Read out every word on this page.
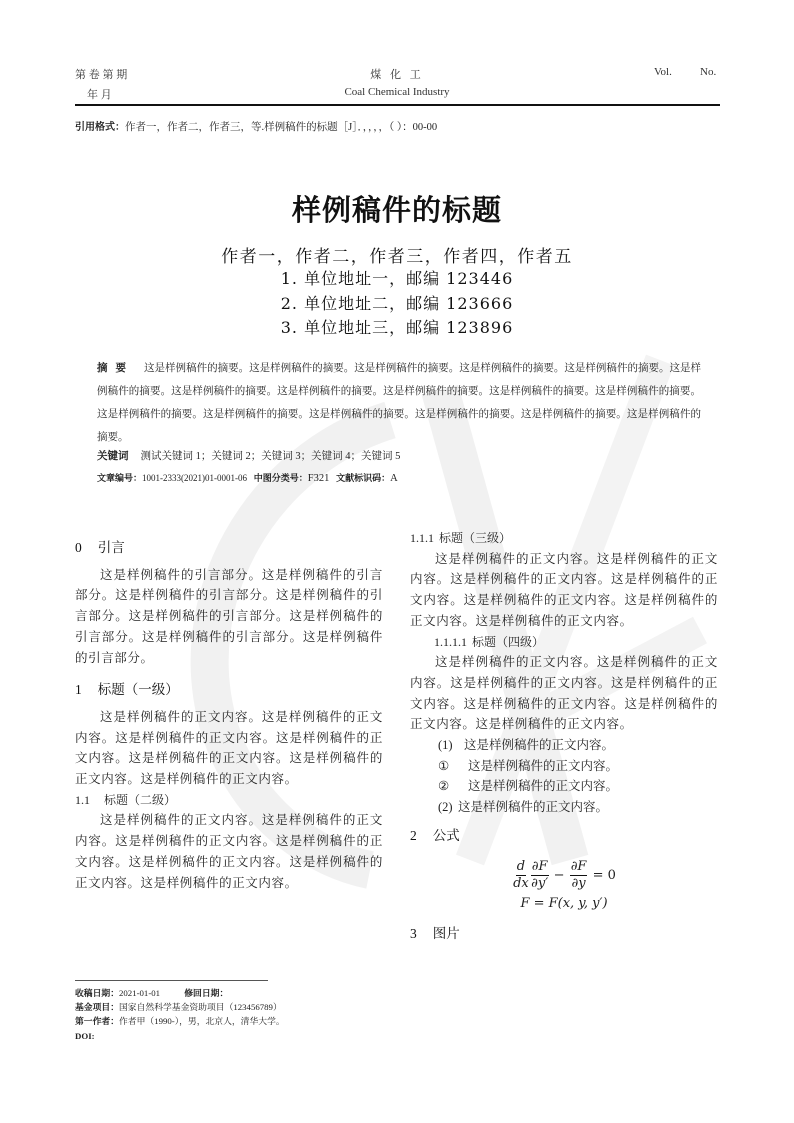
第 卷 第 期
年 月
煤 化 工
Coal Chemical Industry
Vol.	No.
引用格式：作者一，作者二，作者三，等.样例稿件的标题［J］．，，，，（ ）：00-00
样例稿件的标题
作者一，作者二，作者三，作者四，作者五
1. 单位地址一，邮编 123446
2. 单位地址二，邮编 123666
3. 单位地址三，邮编 123896
摘要 这是样例稿件的摘要。这是样例稿件的摘要。这是样例稿件的摘要。这是样例稿件的摘要。这是样例稿件的摘要。这是样例稿件的摘要。这是样例稿件的摘要。这是样例稿件的摘要。这是样例稿件的摘要。这是样例稿件的摘要。这是样例稿件的摘要。这是样例稿件的摘要。这是样例稿件的摘要。这是样例稿件的摘要。这是样例稿件的摘要。这是样例稿件的摘要。这是样例稿件的摘要。
关键词 测试关键词 1；关键词 2；关键词 3；关键词 4；关键词 5
文章编号：1001-2333(2021)01-0001-06 中图分类号：F321 文献标识码：A
0 引言
这是样例稿件的引言部分。这是样例稿件的引言部分。这是样例稿件的引言部分。这是样例稿件的引言部分。这是样例稿件的引言部分。这是样例稿件的引言部分。这是样例稿件的引言部分。这是样例稿件的引言部分。
1 标题（一级）
这是样例稿件的正文内容。这是样例稿件的正文内容。这是样例稿件的正文内容。这是样例稿件的正文内容。这是样例稿件的正文内容。这是样例稿件的正文内容。这是样例稿件的正文内容。
1.1 标题（二级）
这是样例稿件的正文内容。这是样例稿件的正文内容。这是样例稿件的正文内容。这是样例稿件的正文内容。这是样例稿件的正文内容。这是样例稿件的正文内容。这是样例稿件的正文内容。
1.1.1 标题（三级）
这是样例稿件的正文内容。这是样例稿件的正文内容。这是样例稿件的正文内容。这是样例稿件的正文内容。这是样例稿件的正文内容。这是样例稿件的正文内容。这是样例稿件的正文内容。
1.1.1.1 标题（四级）
这是样例稿件的正文内容。这是样例稿件的正文内容。这是样例稿件的正文内容。这是样例稿件的正文内容。这是样例稿件的正文内容。这是样例稿件的正文内容。这是样例稿件的正文内容。
(1) 这是样例稿件的正文内容。
① 这是样例稿件的正文内容。
② 这是样例稿件的正文内容。
(2) 这是样例稿件的正文内容。
2 公式
$\frac{d}{dx} \frac{\partial F}{\partial y'} - \frac{\partial F}{\partial y} = 0$
F = F(x, y, y′)
3 图片
收稿日期：2021-01-01	修回日期：
基金项目：国家自然科学基金资助项目（123456789）
第一作者：作者甲（1990-），男，北京人，清华大学。
DOI:
